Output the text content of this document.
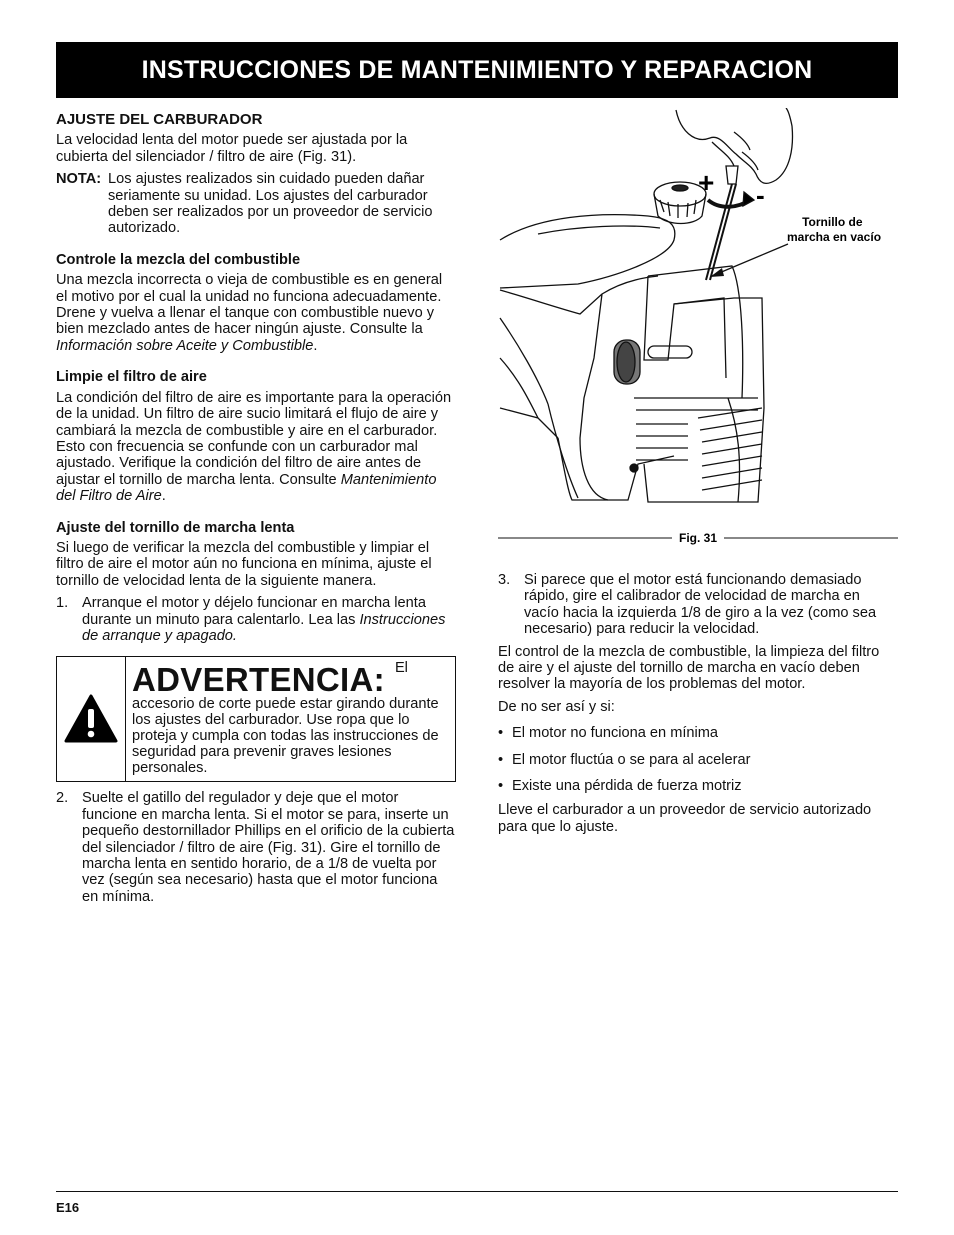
INSTRUCCIONES DE MANTENIMIENTO Y REPARACION
AJUSTE DEL CARBURADOR

La velocidad lenta del motor puede ser ajustada por la cubierta del silenciador / filtro de aire (Fig. 31).

NOTA: Los ajustes realizados sin cuidado pueden dañar seriamente su unidad. Los ajustes del carburador deben ser realizados por un proveedor de servicio autorizado.
Controle la mezcla del combustible

Una mezcla incorrecta o vieja de combustible es en general el motivo por el cual la unidad no funciona adecuadamente. Drene y vuelva a llenar el tanque con combustible nuevo y bien mezclado antes de hacer ningún ajuste. Consulte la Información sobre Aceite y Combustible.

Limpie el filtro de aire

La condición del filtro de aire es importante para la operación de la unidad. Un filtro de aire sucio limitará el flujo de aire y cambiará la mezcla de combustible y aire en el carburador. Esto con frecuencia se confunde con un carburador mal ajustado. Verifique la condición del filtro de aire antes de ajustar el tornillo de marcha lenta. Consulte Mantenimiento del Filtro de Aire.

Ajuste del tornillo de marcha lenta

Si luego de verificar la mezcla del combustible y limpiar el filtro de aire el motor aún no funciona en mínima, ajuste el tornillo de velocidad lenta de la siguiente manera.

1. Arranque el motor y déjelo funcionar en marcha lenta durante un minuto para calentarlo. Lea las Instrucciones de arranque y apagado.
ADVERTENCIA: El accesorio de corte puede estar girando durante los ajustes del carburador. Use ropa que lo proteja y cumpla con todas las instrucciones de seguridad para prevenir graves lesiones personales.
2. Suelte el gatillo del regulador y deje que el motor funcione en marcha lenta. Si el motor se para, inserte un pequeño destornillador Phillips en el orificio de la cubierta del silenciador / filtro de aire (Fig. 31). Gire el tornillo de marcha lenta en sentido horario, de a 1/8 de vuelta por vez (según sea necesario) hasta que el motor funciona en mínima.
+ -
Tornillo de marcha en vacío
Fig. 31
3. Si parece que el motor está funcionando demasiado rápido, gire el calibrador de velocidad de marcha en vacío hacia la izquierda 1/8 de giro a la vez (como sea necesario) para reducir la velocidad.

El control de la mezcla de combustible, la limpieza del filtro de aire y el ajuste del tornillo de marcha en vacío deben resolver la mayoría de los problemas del motor.

De no ser así y si:

• El motor no funciona en mínima
• El motor fluctúa o se para al acelerar
• Existe una pérdida de fuerza motriz

Lleve el carburador a un proveedor de servicio autorizado para que lo ajuste.

E16
